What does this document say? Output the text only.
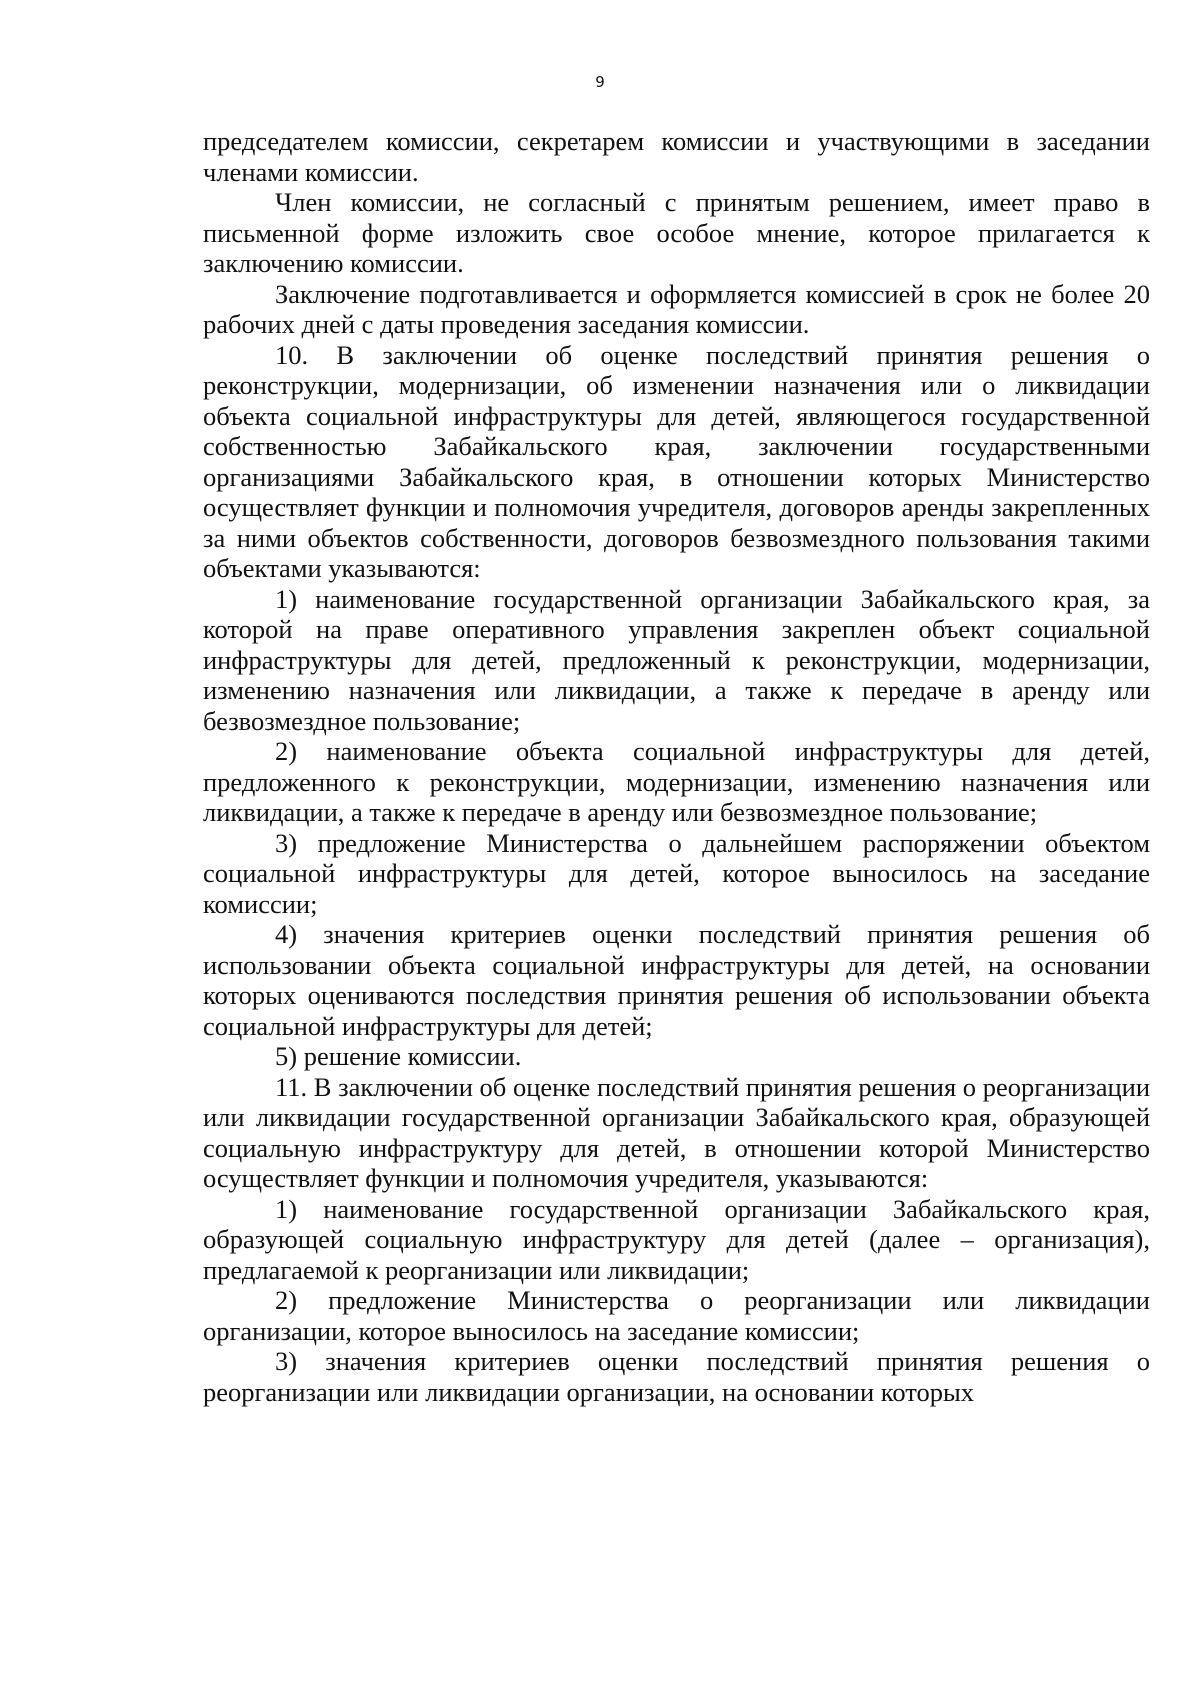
9

председателем комиссии, секретарем комиссии и участвующими в заседании членами комиссии.

Член комиссии, не согласный с принятым решением, имеет право в письменной форме изложить свое особое мнение, которое прилагается к заключению комиссии.

Заключение подготавливается и оформляется комиссией в срок не более 20 рабочих дней с даты проведения заседания комиссии.

10. В заключении об оценке последствий принятия решения о реконструкции, модернизации, об изменении назначения или о ликвидации объекта социальной инфраструктуры для детей, являющегося государственной собственностью Забайкальского края, заключении государственными организациями Забайкальского края, в отношении которых Министерство осуществляет функции и полномочия учредителя, договоров аренды закрепленных за ними объектов собственности, договоров безвозмездного пользования такими объектами указываются:

1) наименование государственной организации Забайкальского края, за которой на праве оперативного управления закреплен объект социальной инфраструктуры для детей, предложенный к реконструкции, модернизации, изменению назначения или ликвидации, а также к передаче в аренду или безвозмездное пользование;

2) наименование объекта социальной инфраструктуры для детей, предложенного к реконструкции, модернизации, изменению назначения или ликвидации, а также к передаче в аренду или безвозмездное пользование;

3) предложение Министерства о дальнейшем распоряжении объектом социальной инфраструктуры для детей, которое выносилось на заседание комиссии;

4) значения критериев оценки последствий принятия решения об использовании объекта социальной инфраструктуры для детей, на основании которых оцениваются последствия принятия решения об использовании объекта социальной инфраструктуры для детей;

5) решение комиссии.

11. В заключении об оценке последствий принятия решения о реорганизации или ликвидации государственной организации Забайкальского края, образующей социальную инфраструктуру для детей, в отношении которой Министерство осуществляет функции и полномочия учредителя, указываются:

1) наименование государственной организации Забайкальского края, образующей социальную инфраструктуру для детей (далее – организация), предлагаемой к реорганизации или ликвидации;

2) предложение Министерства о реорганизации или ликвидации организации, которое выносилось на заседание комиссии;

3) значения критериев оценки последствий принятия решения о реорганизации или ликвидации организации, на основании которых
